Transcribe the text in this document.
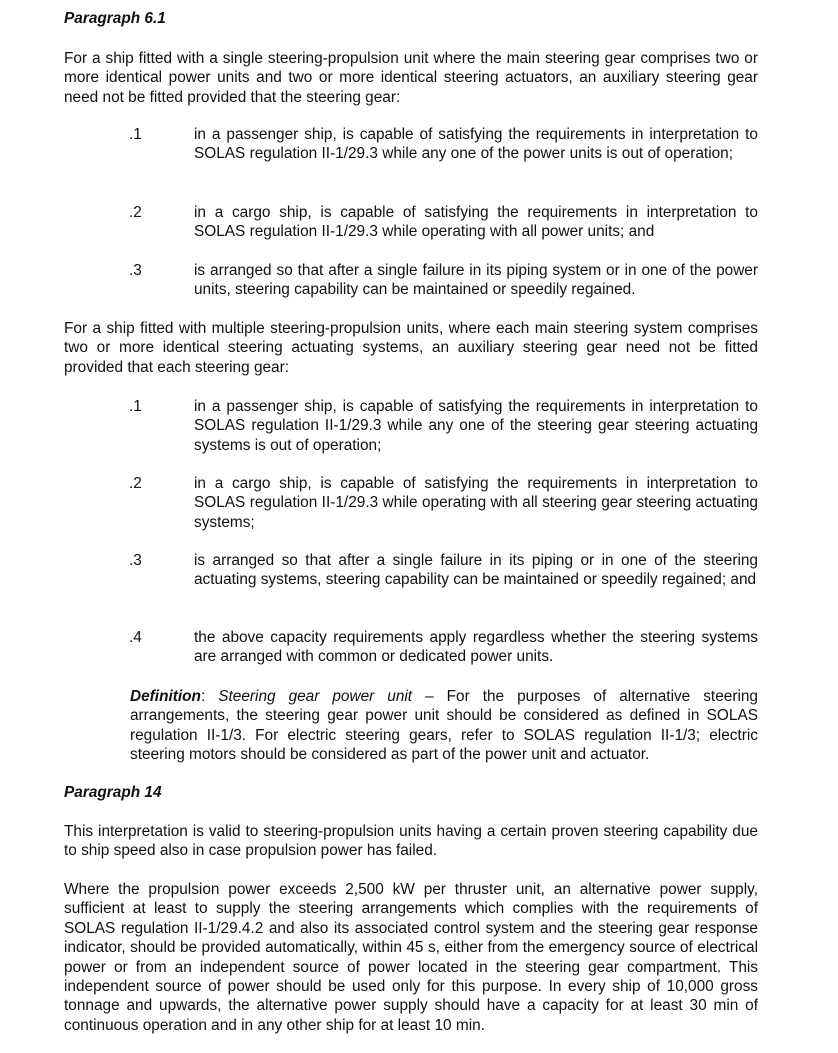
Paragraph 6.1
For a ship fitted with a single steering-propulsion unit where the main steering gear comprises two or more identical power units and two or more identical steering actuators, an auxiliary steering gear need not be fitted provided that the steering gear:
.1	in a passenger ship, is capable of satisfying the requirements in interpretation to SOLAS regulation II-1/29.3 while any one of the power units is out of operation;
.2	in a cargo ship, is capable of satisfying the requirements in interpretation to SOLAS regulation II-1/29.3 while operating with all power units; and
.3	is arranged so that after a single failure in its piping system or in one of the power units, steering capability can be maintained or speedily regained.
For a ship fitted with multiple steering-propulsion units, where each main steering system comprises two or more identical steering actuating systems, an auxiliary steering gear need not be fitted provided that each steering gear:
.1	in a passenger ship, is capable of satisfying the requirements in interpretation to SOLAS regulation II-1/29.3 while any one of the steering gear steering actuating systems is out of operation;
.2	in a cargo ship, is capable of satisfying the requirements in interpretation to SOLAS regulation II-1/29.3 while operating with all steering gear steering actuating systems;
.3	is arranged so that after a single failure in its piping or in one of the steering actuating systems, steering capability can be maintained or speedily regained; and
.4	the above capacity requirements apply regardless whether the steering systems are arranged with common or dedicated power units.
Definition: Steering gear power unit – For the purposes of alternative steering arrangements, the steering gear power unit should be considered as defined in SOLAS regulation II-1/3. For electric steering gears, refer to SOLAS regulation II-1/3; electric steering motors should be considered as part of the power unit and actuator.
Paragraph 14
This interpretation is valid to steering-propulsion units having a certain proven steering capability due to ship speed also in case propulsion power has failed.
Where the propulsion power exceeds 2,500 kW per thruster unit, an alternative power supply, sufficient at least to supply the steering arrangements which complies with the requirements of SOLAS regulation II-1/29.4.2 and also its associated control system and the steering gear response indicator, should be provided automatically, within 45 s, either from the emergency source of electrical power or from an independent source of power located in the steering gear compartment. This independent source of power should be used only for this purpose. In every ship of 10,000 gross tonnage and upwards, the alternative power supply should have a capacity for at least 30 min of continuous operation and in any other ship for at least 10 min.
